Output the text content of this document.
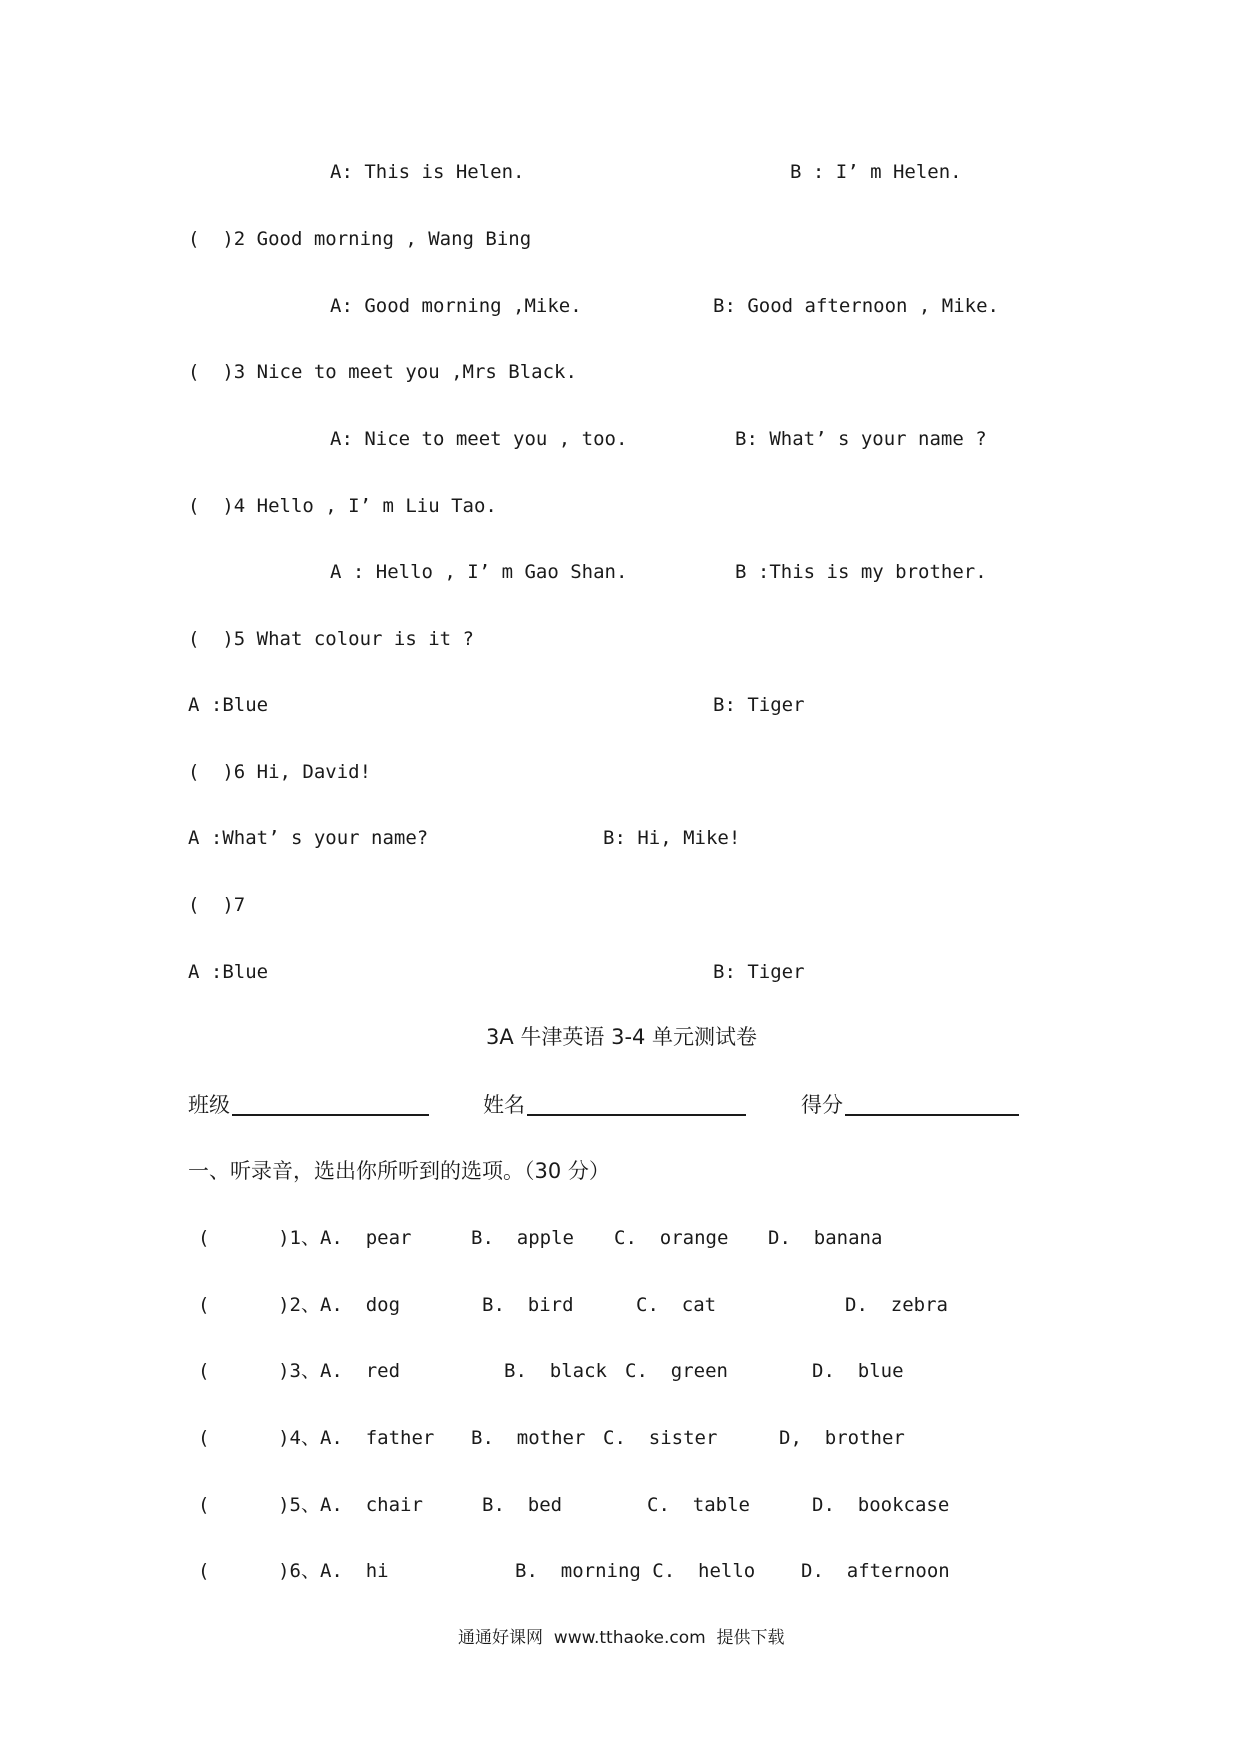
A: This is Helen.	B : I’ m Helen.
(  )2 Good morning , Wang Bing
A: Good morning ,Mike.	B: Good afternoon , Mike.
(  )3 Nice to meet you ,Mrs Black.
A: Nice to meet you , too.	B: What’ s your name ?
(  )4 Hello , I’ m Liu Tao.
A : Hello , I’ m Gao Shan.	B :This is my brother.
(  )5 What colour is it ?
A :Blue	B: Tiger
(  )6 Hi, David!
A :What’ s your name?	B: Hi, Mike!
(  )7
A :Blue	B: Tiger
3A 牛津英语 3-4 单元测试卷
班级	姓名	得分
一、听录音，选出你所听到的选项。（30 分）
(      )1、A.  pear	B.  apple C.  orange D.  banana
(      )2、A.  dog	B.  bird	C.  cat	D.  zebra
(      )3、A.  red	B.  black C.  green	D.  blue
(      )4、A.  father B.  mother C.  sister	D,  brother
(      )5、A.  chair	B.  bed	C.  table	D.  bookcase
(      )6、A.  hi	B.  morning C.  hello D.  afternoon
通通好课网  www.tthaoke.com  提供下载
